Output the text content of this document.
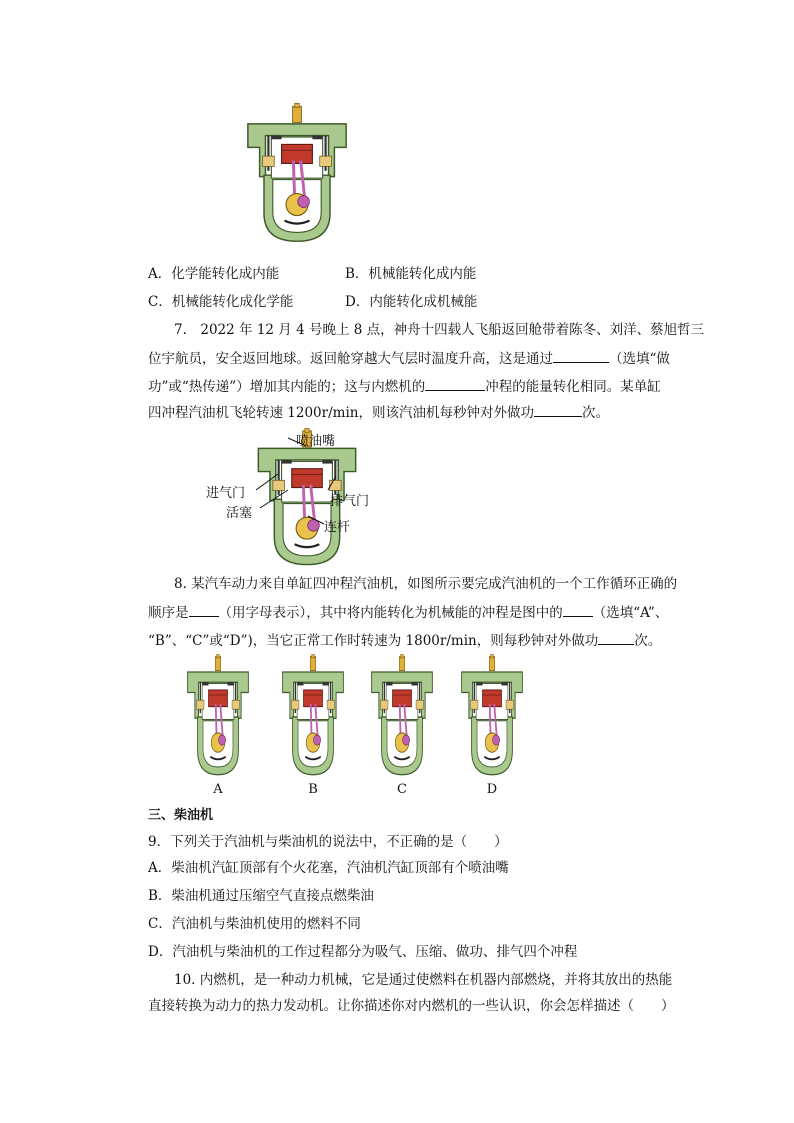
A．化学能转化成内能	B．机械能转化成内能
C．机械能转化成化学能	D．内能转化成机械能
7.　2022 年 12 月 4 号晚上 8 点，神舟十四载人飞船返回舱带着陈冬、刘洋、蔡旭哲三
位宇航员，安全返回地球。返回舱穿越大气层时温度升高，这是通过	（选填“做
功”或“热传递”）增加其内能的；这与内燃机的	冲程的能量转化相同。某单缸
四冲程汽油机飞轮转速 1200r/min，则该汽油机每秒钟对外做功	次。
喷油嘴
进气门
排气门
活塞
连杆
8. 某汽车动力来自单缸四冲程汽油机，如图所示要完成汽油机的一个工作循环正确的
顺序是 （用字母表示），其中将内能转化为机械能的冲程是图中的 （选填“A”、
“B”、“C”或“D”)，当它正常工作时转速为 1800r/min，则每秒钟对外做功	次。
A	B	C	D
三、柴油机
9．下列关于汽油机与柴油机的说法中，不正确的是（　　）
A．柴油机汽缸顶部有个火花塞，汽油机汽缸顶部有个喷油嘴
B．柴油机通过压缩空气直接点燃柴油
C．汽油机与柴油机使用的燃料不同
D．汽油机与柴油机的工作过程都分为吸气、压缩、做功、排气四个冲程
10. 内燃机，是一种动力机械，它是通过使燃料在机器内部燃烧，并将其放出的热能
直接转换为动力的热力发动机。让你描述你对内燃机的一些认识，你会怎样描述（　　）
